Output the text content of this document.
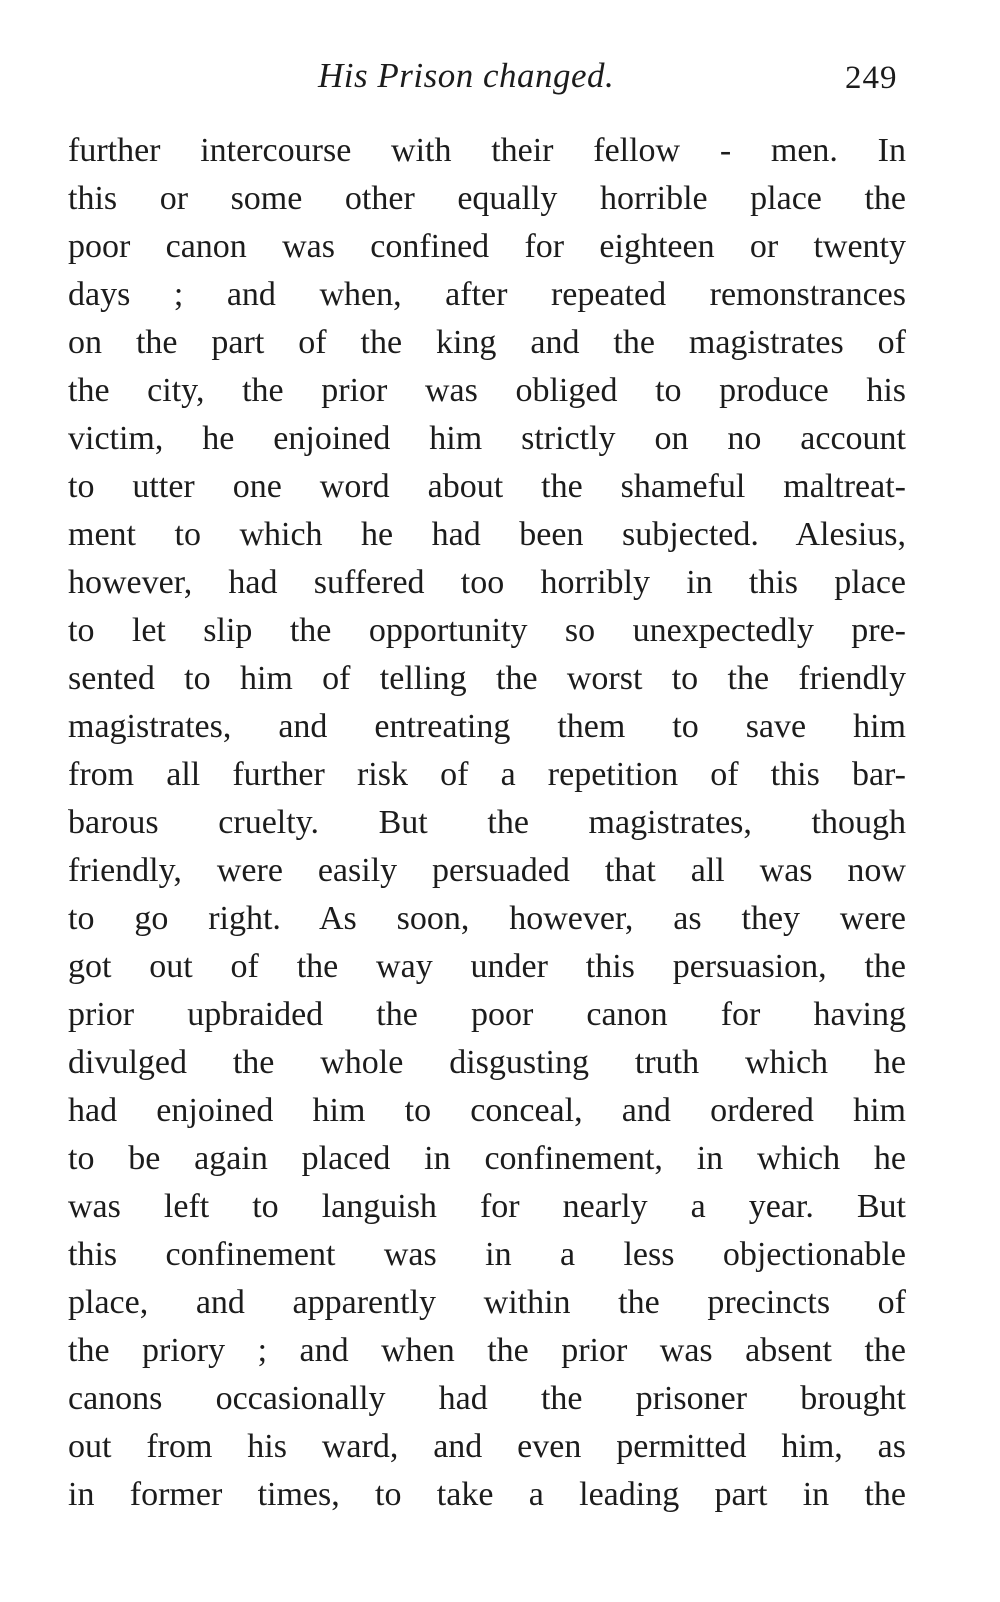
His Prison changed.	249
further intercourse with their fellow - men. In
this or some other equally horrible place the
poor canon was confined for eighteen or twenty
days ; and when, after repeated remonstrances
on the part of the king and the magistrates of
the city, the prior was obliged to produce his
victim, he enjoined him strictly on no account
to utter one word about the shameful maltreat-
ment to which he had been subjected. Alesius,
however, had suffered too horribly in this place
to let slip the opportunity so unexpectedly pre-
sented to him of telling the worst to the friendly
magistrates, and entreating them to save him
from all further risk of a repetition of this bar-
barous cruelty. But the magistrates, though
friendly, were easily persuaded that all was now
to go right. As soon, however, as they were
got out of the way under this persuasion, the
prior upbraided the poor canon for having
divulged the whole disgusting truth which he
had enjoined him to conceal, and ordered him
to be again placed in confinement, in which he
was left to languish for nearly a year. But
this confinement was in a less objectionable
place, and apparently within the precincts of
the priory ; and when the prior was absent the
canons occasionally had the prisoner brought
out from his ward, and even permitted him, as
in former times, to take a leading part in the
